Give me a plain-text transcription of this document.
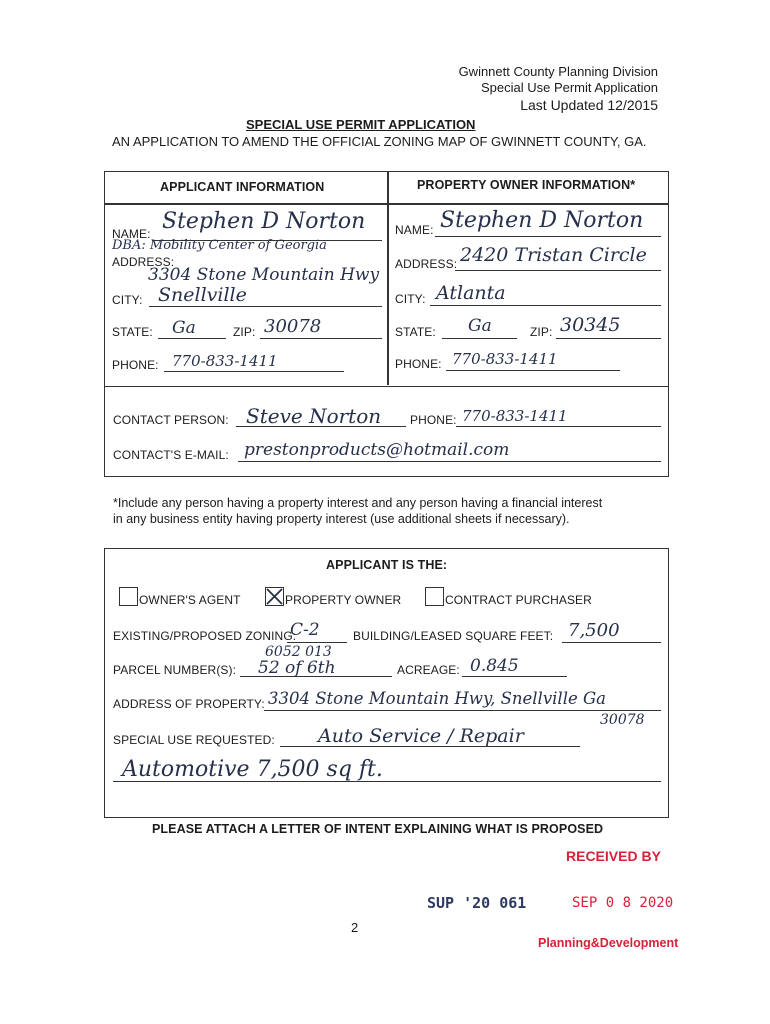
Gwinnett County Planning Division
Special Use Permit Application
Last Updated 12/2015
SPECIAL USE PERMIT APPLICATION
AN APPLICATION TO AMEND THE OFFICIAL ZONING MAP OF GWINNETT COUNTY, GA.
APPLICANT INFORMATION	PROPERTY OWNER INFORMATION*
NAME: Stephen D Norton
DBA: Mobility Center of Georgia
ADDRESS:
3304 Stone Mountain Hwy
CITY: Snellville
STATE: Ga	ZIP: 30078
PHONE: 770-833-1411
NAME: Stephen D Norton
ADDRESS: 2420 Tristan Circle
CITY: Atlanta
STATE: Ga	ZIP: 30345
PHONE: 770-833-1411
CONTACT PERSON: Steve Norton PHONE: 770-833-1411
CONTACT'S E-MAIL: prestonproducts@hotmail.com
*Include any person having a property interest and any person having a financial interest
in any business entity having property interest (use additional sheets if necessary).
APPLICANT IS THE:
OWNER'S AGENT	PROPERTY OWNER	CONTRACT PURCHASER
EXISTING/PROPOSED ZONING:
C-2	BUILDING/LEASED SQUARE FEET: 7,500
6052 013
PARCEL NUMBER(S): 52 of 6th	ACREAGE: 0.845
ADDRESS OF PROPERTY: 3304 Stone Mountain Hwy, Snellville Ga
30078
SPECIAL USE REQUESTED: Auto Service / Repair
Automotive 7,500 sq ft.
PLEASE ATTACH A LETTER OF INTENT EXPLAINING WHAT IS PROPOSED
RECEIVED BY
SUP '20 061	SEP 0 8 2020
Planning&Development
2
